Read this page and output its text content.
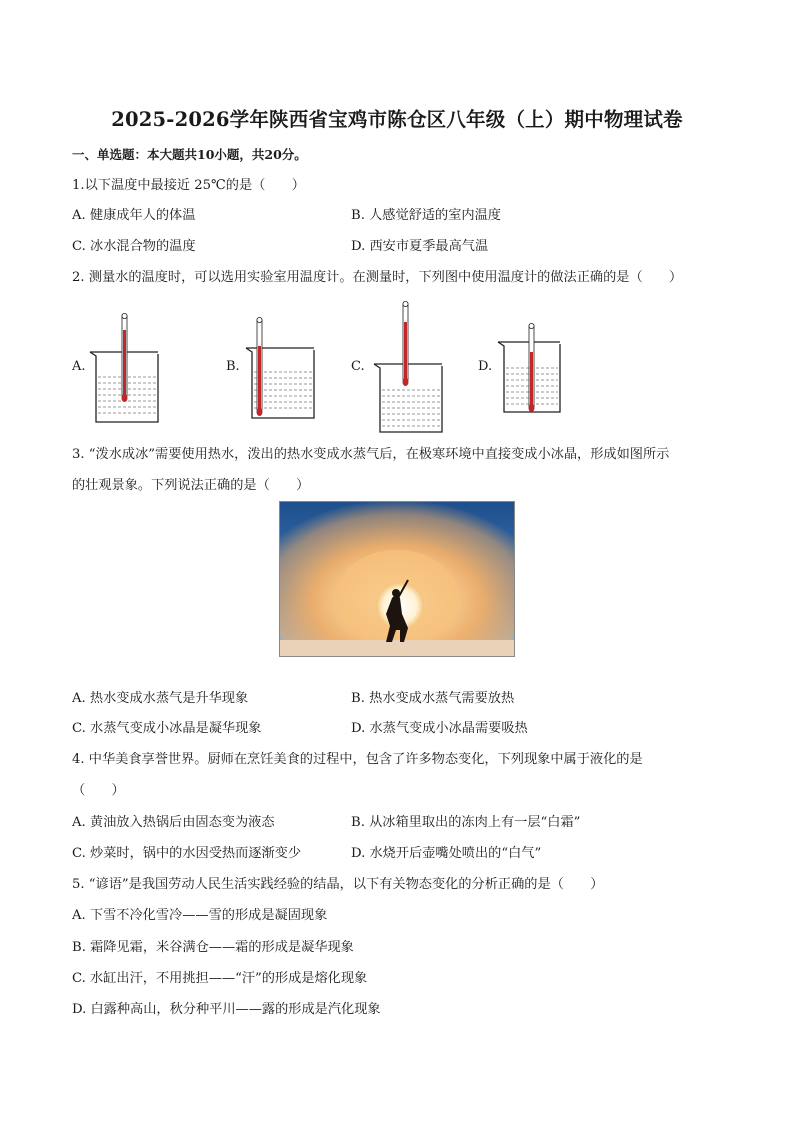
2025-2026学年陕西省宝鸡市陈仓区八年级（上）期中物理试卷
一、单选题：本大题共10小题，共20分。
1.以下温度中最接近 25℃的是（　　）
A. 健康成年人的体温	B. 人感觉舒适的室内温度
C. 冰水混合物的温度	D. 西安市夏季最高气温
2. 测量水的温度时，可以选用实验室用温度计。在测量时，下列图中使用温度计的做法正确的是（　　）
A.	B.	C.	D.
3. “泼水成冰”需要使用热水，泼出的热水变成水蒸气后，在极寒环境中直接变成小冰晶，形成如图所示
的壮观景象。下列说法正确的是（　　）
A. 热水变成水蒸气是升华现象	B. 热水变成水蒸气需要放热
C. 水蒸气变成小冰晶是凝华现象	D. 水蒸气变成小冰晶需要吸热
4. 中华美食享誉世界。厨师在烹饪美食的过程中，包含了许多物态变化，下列现象中属于液化的是
（　　）
A. 黄油放入热锅后由固态变为液态	B. 从冰箱里取出的冻肉上有一层“白霜”
C. 炒菜时，锅中的水因受热而逐渐变少	D. 水烧开后壶嘴处喷出的“白气”
5. “谚语”是我国劳动人民生活实践经验的结晶，以下有关物态变化的分析正确的是（　　）
A. 下雪不冷化雪冷——雪的形成是凝固现象
B. 霜降见霜，米谷满仓——霜的形成是凝华现象
C. 水缸出汗，不用挑担——“汗”的形成是熔化现象
D. 白露种高山，秋分种平川——露的形成是汽化现象
